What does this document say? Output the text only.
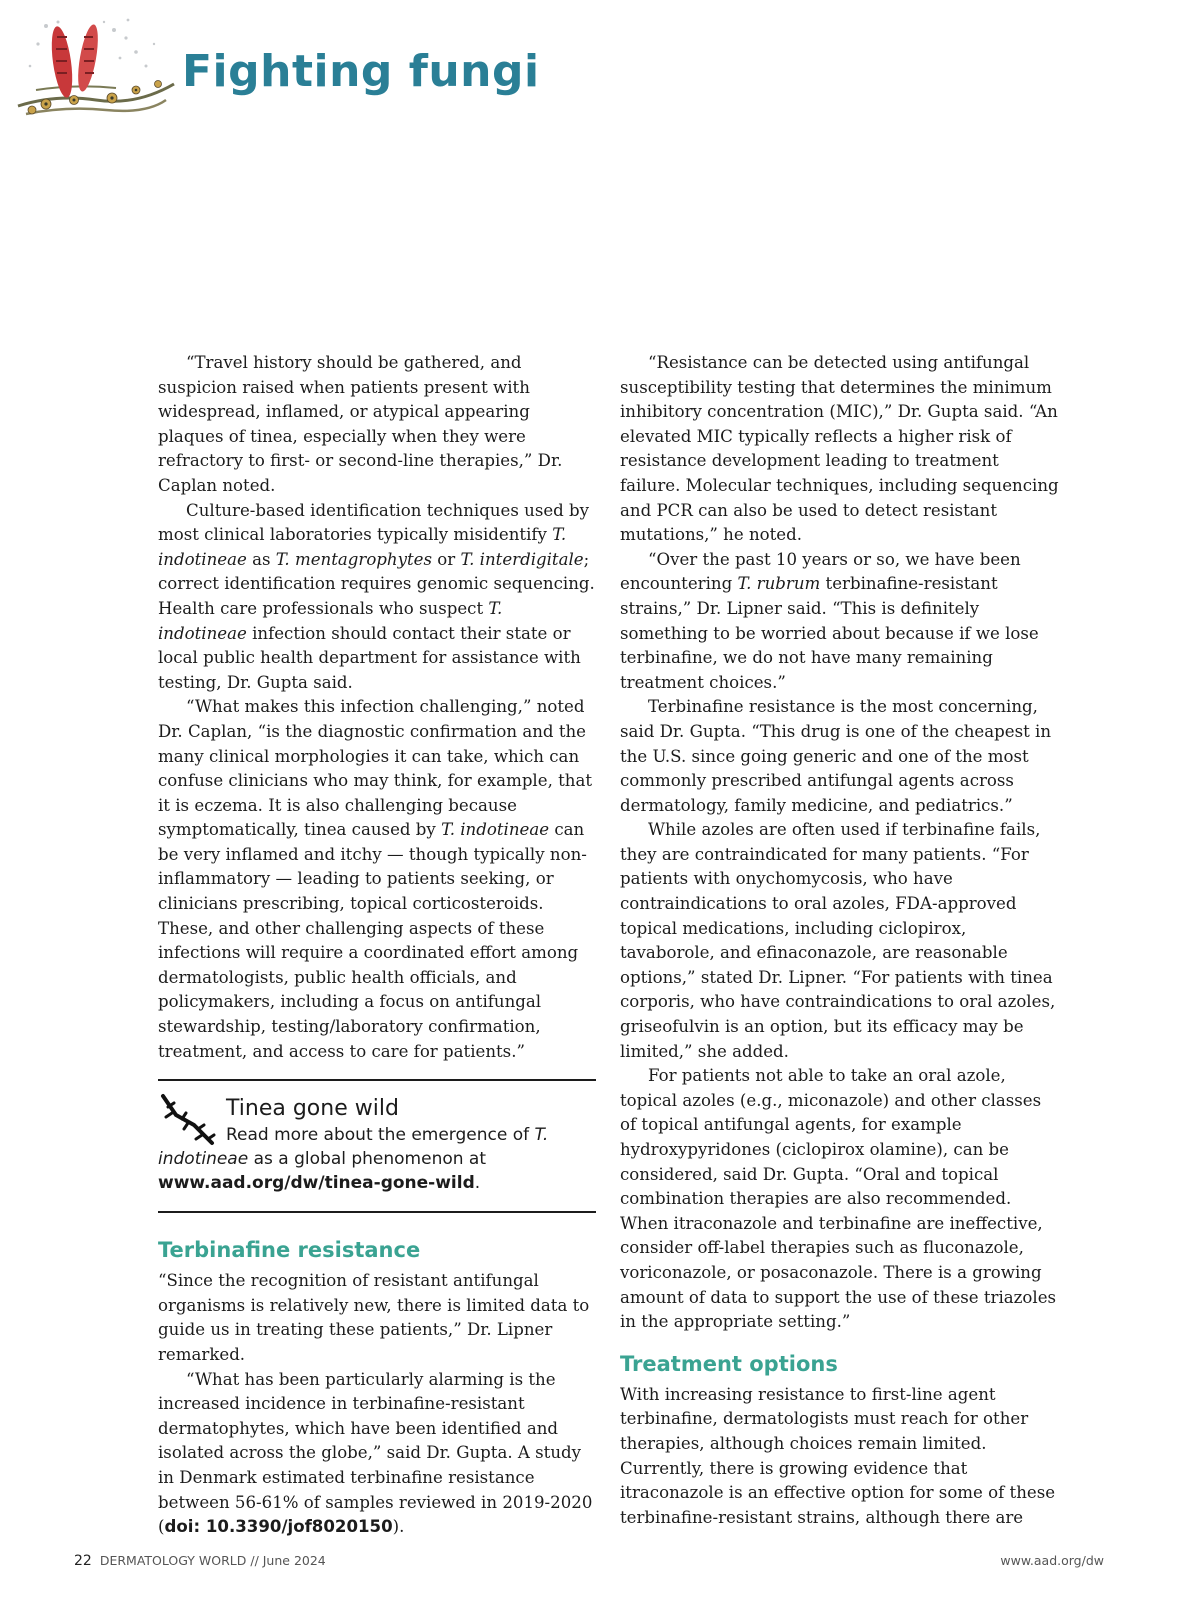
Fighting fungi

“Travel history should be gathered, and suspicion raised when patients present with widespread, inflamed, or atypical appearing plaques of tinea, especially when they were refractory to first- or second-line therapies,” Dr. Caplan noted.

Culture-based identification techniques used by most clinical laboratories typically misidentify T. indotineae as T. mentagrophytes or T. interdigitale; correct identification requires genomic sequencing. Health care professionals who suspect T. indotineae infection should contact their state or local public health department for assistance with testing, Dr. Gupta said.

“What makes this infection challenging,” noted Dr. Caplan, “is the diagnostic confirmation and the many clinical morphologies it can take, which can confuse clinicians who may think, for example, that it is eczema. It is also challenging because symptomatically, tinea caused by T. indotineae can be very inflamed and itchy — though typically non-inflammatory — leading to patients seeking, or clinicians prescribing, topical corticosteroids. These, and other challenging aspects of these infections will require a coordinated effort among dermatologists, public health officials, and policymakers, including a focus on antifungal stewardship, testing/laboratory confirmation, treatment, and access to care for patients.”

Tinea gone wild
Read more about the emergence of T. indotineae as a global phenomenon at www.aad.org/dw/tinea-gone-wild.
Terbinafine resistance

“Since the recognition of resistant antifungal organisms is relatively new, there is limited data to guide us in treating these patients,” Dr. Lipner remarked.

“What has been particularly alarming is the increased incidence in terbinafine-resistant dermatophytes, which have been identified and isolated across the globe,” said Dr. Gupta. A study in Denmark estimated terbinafine resistance between 56-61% of samples reviewed in 2019-2020 (doi: 10.3390/jof8020150).

“Resistance can be detected using antifungal susceptibility testing that determines the minimum inhibitory concentration (MIC),” Dr. Gupta said. “An elevated MIC typically reflects a higher risk of resistance development leading to treatment failure. Molecular techniques, including sequencing and PCR can also be used to detect resistant mutations,” he noted.

“Over the past 10 years or so, we have been encountering T. rubrum terbinafine-resistant strains,” Dr. Lipner said. “This is definitely something to be worried about because if we lose terbinafine, we do not have many remaining treatment choices.”

Terbinafine resistance is the most concerning, said Dr. Gupta. “This drug is one of the cheapest in the U.S. since going generic and one of the most commonly prescribed antifungal agents across dermatology, family medicine, and pediatrics.”

While azoles are often used if terbinafine fails, they are contraindicated for many patients. “For patients with onychomycosis, who have contraindications to oral azoles, FDA-approved topical medications, including ciclopirox, tavaborole, and efinaconazole, are reasonable options,” stated Dr. Lipner. “For patients with tinea corporis, who have contraindications to oral azoles, griseofulvin is an option, but its efficacy may be limited,” she added.

For patients not able to take an oral azole, topical azoles (e.g., miconazole) and other classes of topical antifungal agents, for example hydroxypyridones (ciclopirox olamine), can be considered, said Dr. Gupta. “Oral and topical combination therapies are also recommended. When itraconazole and terbinafine are ineffective, consider off-label therapies such as fluconazole, voriconazole, or posaconazole. There is a growing amount of data to support the use of these triazoles in the appropriate setting.”

Treatment options

With increasing resistance to first-line agent terbinafine, dermatologists must reach for other therapies, although choices remain limited. Currently, there is growing evidence that itraconazole is an effective option for some of these terbinafine-resistant strains, although there are

22 DERMATOLOGY WORLD // June 2024	www.aad.org/dw
